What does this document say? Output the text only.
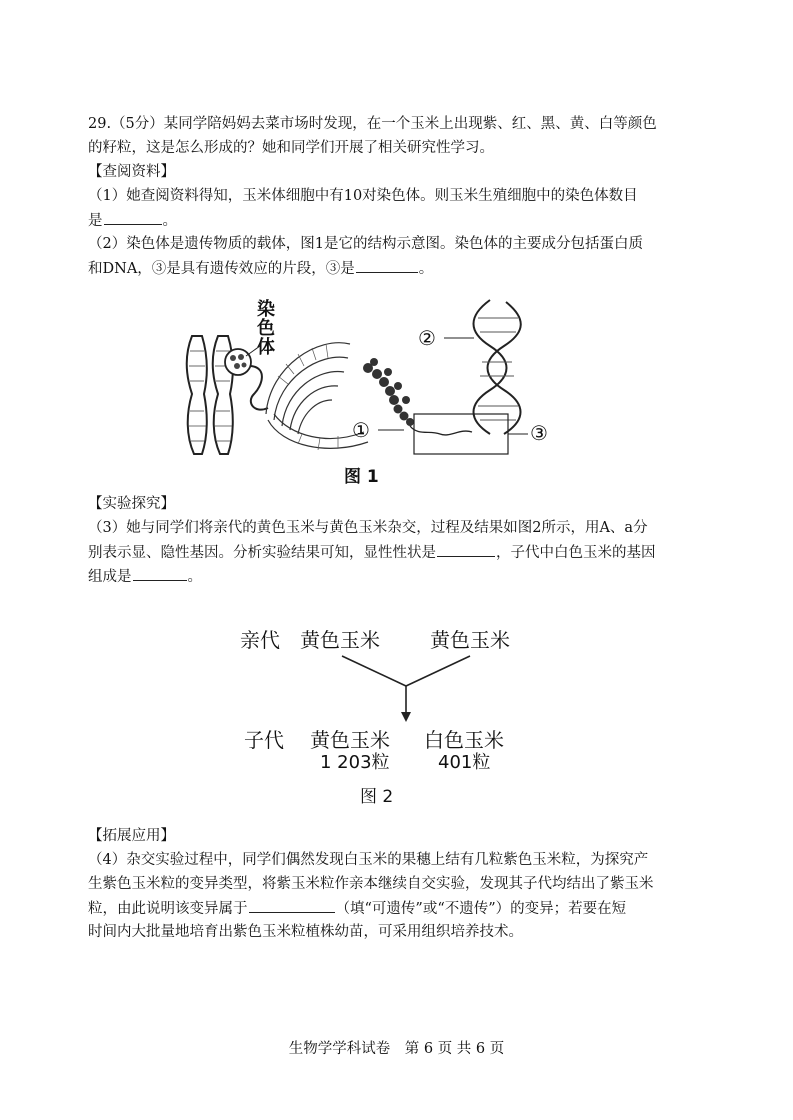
29.（5分）某同学陪妈妈去菜市场时发现，在一个玉米上出现紫、红、黑、黄、白等颜色
的籽粒，这是怎么形成的？她和同学们开展了相关研究性学习。
【查阅资料】
（1）她查阅资料得知，玉米体细胞中有10对染色体。则玉米生殖细胞中的染色体数目
是	。
（2）染色体是遗传物质的载体，图1是它的结构示意图。染色体的主要成分包括蛋白质
和DNA，③是具有遗传效应的片段，③是	。
染
色
体
①
②
③
图 1
【实验探究】
（3）她与同学们将亲代的黄色玉米与黄色玉米杂交，过程及结果如图2所示，用A、a分
别表示显、隐性基因。分析实验结果可知，显性性状是	，子代中白色玉米的基因
组成是	。
亲代 黄色玉米	黄色玉米
子代 黄色玉米 白色玉米
1 203粒	401粒
图 2
【拓展应用】
（4）杂交实验过程中，同学们偶然发现白玉米的果穗上结有几粒紫色玉米粒，为探究产
生紫色玉米粒的变异类型，将紫玉米粒作亲本继续自交实验，发现其子代均结出了紫玉米
粒，由此说明该变异属于	（填“可遗传”或“不遗传”）的变异；若要在短
时间内大批量地培育出紫色玉米粒植株幼苗，可采用组织培养技术。
生物学学科试卷　第 6 页 共 6 页
